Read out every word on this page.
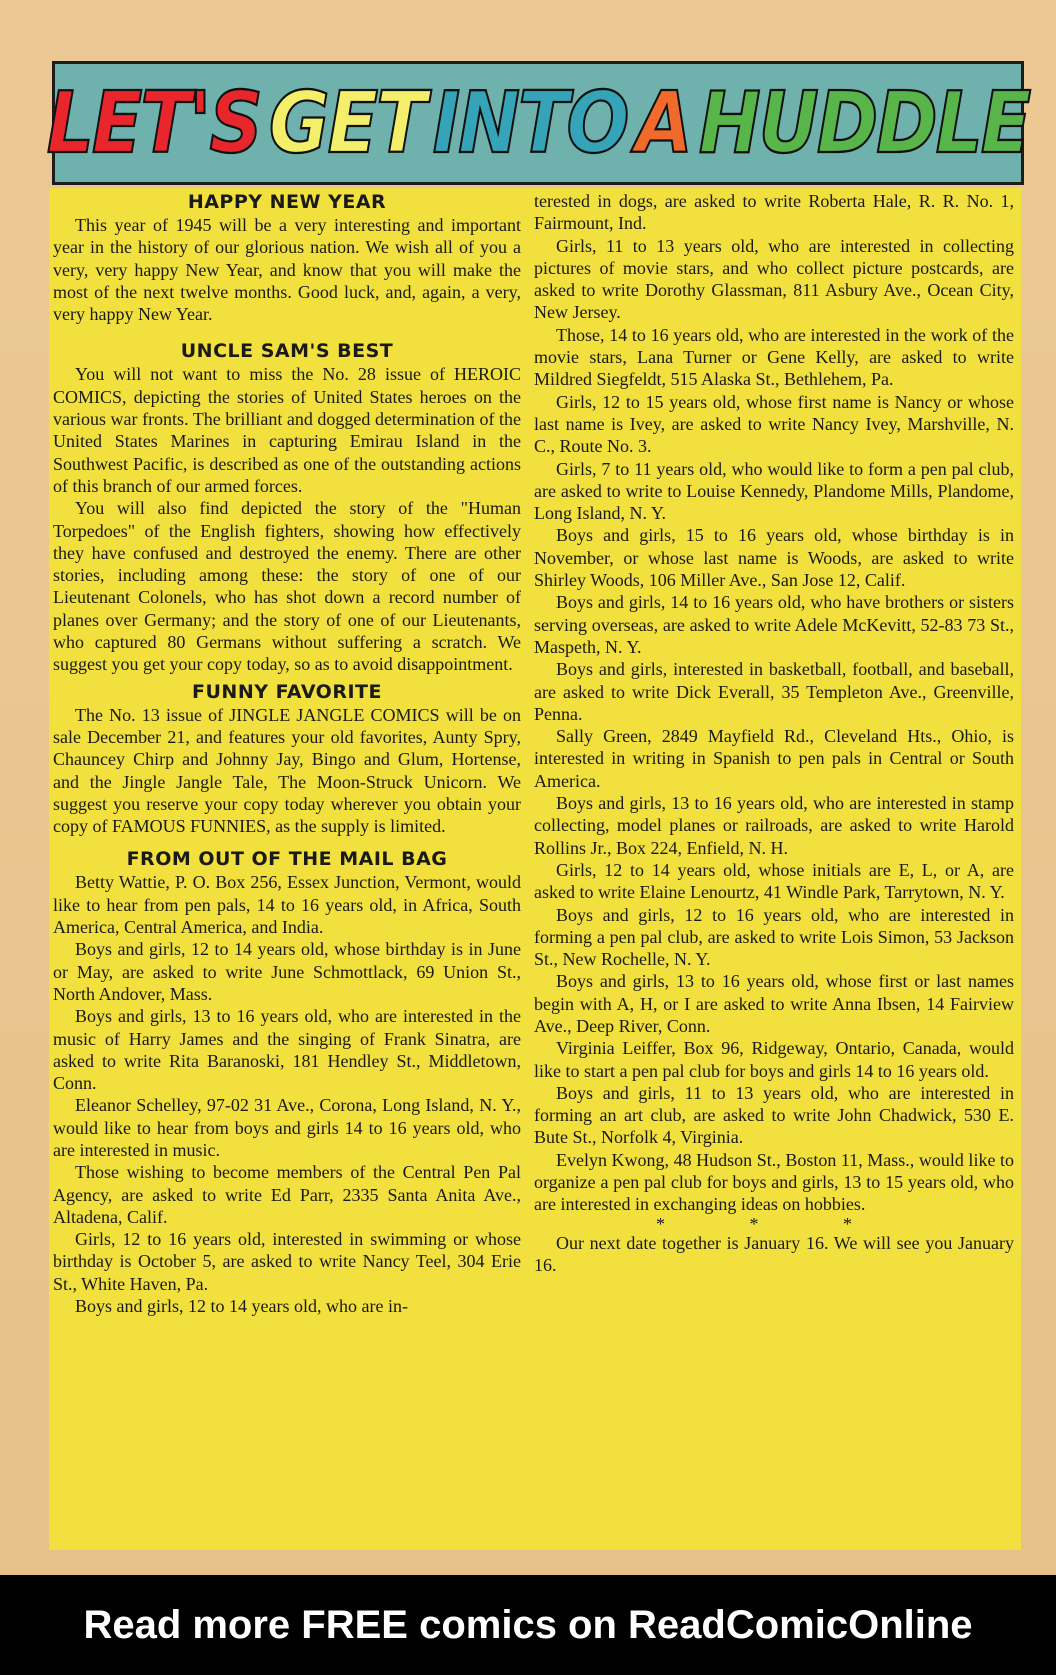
LET'S GET INTO A HUDDLE
HAPPY NEW YEAR

This year of 1945 will be a very interesting and important year in the history of our glorious nation. We wish all of you a very, very happy New Year, and know that you will make the most of the next twelve months. Good luck, and, again, a very, very happy New Year.

UNCLE SAM'S BEST

You will not want to miss the No. 28 issue of HEROIC COMICS, depicting the stories of United States heroes on the various war fronts. The brilliant and dogged determination of the United States Marines in capturing Emirau Island in the Southwest Pacific, is described as one of the outstanding actions of this branch of our armed forces.

You will also find depicted the story of the "Human Torpedoes" of the English fighters, showing how effectively they have confused and destroyed the enemy. There are other stories, including among these: the story of one of our Lieutenant Colonels, who has shot down a record number of planes over Germany; and the story of one of our Lieutenants, who captured 80 Germans without suffering a scratch. We suggest you get your copy today, so as to avoid disappointment.

FUNNY FAVORITE

The No. 13 issue of JINGLE JANGLE COMICS will be on sale December 21, and features your old favorites, Aunty Spry, Chauncey Chirp and Johnny Jay, Bingo and Glum, Hortense, and the Jingle Jangle Tale, The Moon-Struck Unicorn. We suggest you reserve your copy today wherever you obtain your copy of FAMOUS FUNNIES, as the supply is limited.

FROM OUT OF THE MAIL BAG

Betty Wattie, P. O. Box 256, Essex Junction, Vermont, would like to hear from pen pals, 14 to 16 years old, in Africa, South America, Central America, and India.

Boys and girls, 12 to 14 years old, whose birthday is in June or May, are asked to write June Schmottlack, 69 Union St., North Andover, Mass.

Boys and girls, 13 to 16 years old, who are interested in the music of Harry James and the singing of Frank Sinatra, are asked to write Rita Baranoski, 181 Hendley St., Middletown, Conn.

Eleanor Schelley, 97-02 31 Ave., Corona, Long Island, N. Y., would like to hear from boys and girls 14 to 16 years old, who are interested in music.

Those wishing to become members of the Central Pen Pal Agency, are asked to write Ed Parr, 2335 Santa Anita Ave., Altadena, Calif.

Girls, 12 to 16 years old, interested in swimming or whose birthday is October 5, are asked to write Nancy Teel, 304 Erie St., White Haven, Pa.

Boys and girls, 12 to 14 years old, who are in-

terested in dogs, are asked to write Roberta Hale, R. R. No. 1, Fairmount, Ind.

Girls, 11 to 13 years old, who are interested in collecting pictures of movie stars, and who collect picture postcards, are asked to write Dorothy Glassman, 811 Asbury Ave., Ocean City, New Jersey.

Those, 14 to 16 years old, who are interested in the work of the movie stars, Lana Turner or Gene Kelly, are asked to write Mildred Siegfeldt, 515 Alaska St., Bethlehem, Pa.

Girls, 12 to 15 years old, whose first name is Nancy or whose last name is Ivey, are asked to write Nancy Ivey, Marshville, N. C., Route No. 3.

Girls, 7 to 11 years old, who would like to form a pen pal club, are asked to write to Louise Kennedy, Plandome Mills, Plandome, Long Island, N. Y.

Boys and girls, 15 to 16 years old, whose birthday is in November, or whose last name is Woods, are asked to write Shirley Woods, 106 Miller Ave., San Jose 12, Calif.

Boys and girls, 14 to 16 years old, who have brothers or sisters serving overseas, are asked to write Adele McKevitt, 52-83 73 St., Maspeth, N. Y.

Boys and girls, interested in basketball, football, and baseball, are asked to write Dick Everall, 35 Templeton Ave., Greenville, Penna.

Sally Green, 2849 Mayfield Rd., Cleveland Hts., Ohio, is interested in writing in Spanish to pen pals in Central or South America.

Boys and girls, 13 to 16 years old, who are interested in stamp collecting, model planes or railroads, are asked to write Harold Rollins Jr., Box 224, Enfield, N. H.

Girls, 12 to 14 years old, whose initials are E, L, or A, are asked to write Elaine Lenourtz, 41 Windle Park, Tarrytown, N. Y.

Boys and girls, 12 to 16 years old, who are interested in forming a pen pal club, are asked to write Lois Simon, 53 Jackson St., New Rochelle, N. Y.

Boys and girls, 13 to 16 years old, whose first or last names begin with A, H, or I are asked to write Anna Ibsen, 14 Fairview Ave., Deep River, Conn.

Virginia Leiffer, Box 96, Ridgeway, Ontario, Canada, would like to start a pen pal club for boys and girls 14 to 16 years old.

Boys and girls, 11 to 13 years old, who are interested in forming an art club, are asked to write John Chadwick, 530 E. Bute St., Norfolk 4, Virginia.

Evelyn Kwong, 48 Hudson St., Boston 11, Mass., would like to organize a pen pal club for boys and girls, 13 to 15 years old, who are interested in exchanging ideas on hobbies.

* * *

Our next date together is January 16. We will see you January 16.

Read more FREE comics on ReadComicOnline
